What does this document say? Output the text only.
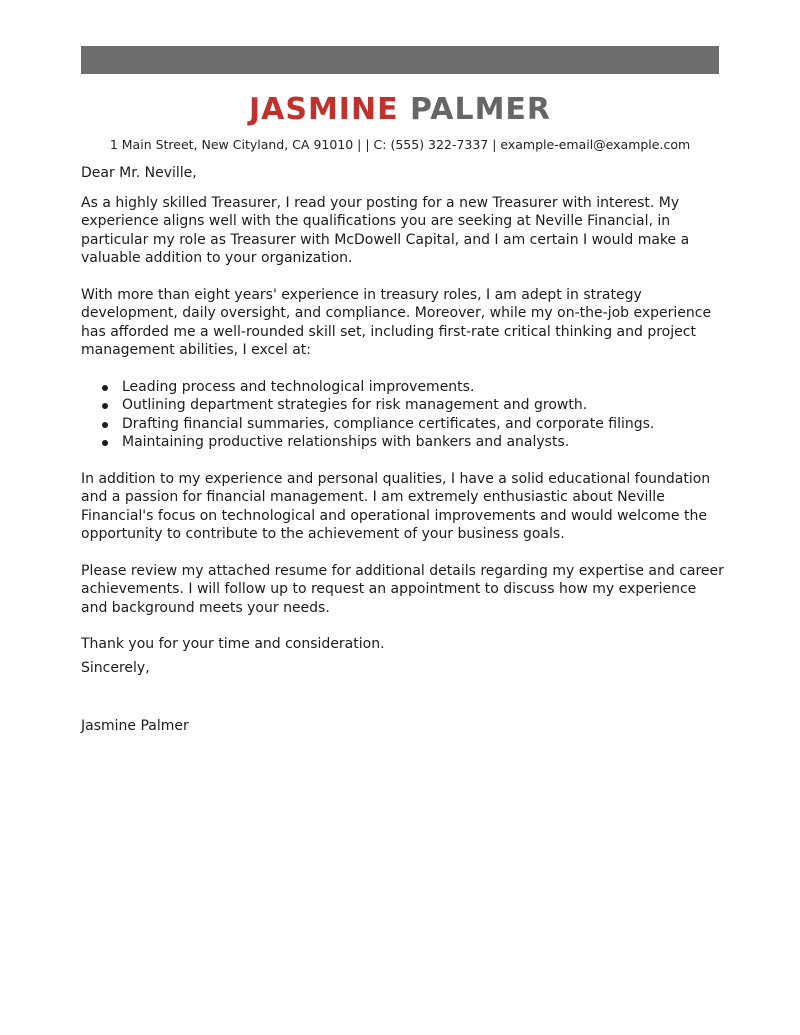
JASMINE PALMER
1 Main Street, New Cityland, CA 91010 | | C: (555) 322-7337 | example-email@example.com

Dear Mr. Neville,

As a highly skilled Treasurer, I read your posting for a new Treasurer with interest. My experience aligns well with the qualifications you are seeking at Neville Financial, in particular my role as Treasurer with McDowell Capital, and I am certain I would make a valuable addition to your organization.

With more than eight years' experience in treasury roles, I am adept in strategy development, daily oversight, and compliance. Moreover, while my on-the-job experience has afforded me a well-rounded skill set, including first-rate critical thinking and project management abilities, I excel at:

Leading process and technological improvements.
Outlining department strategies for risk management and growth.
Drafting financial summaries, compliance certificates, and corporate filings.
Maintaining productive relationships with bankers and analysts.

In addition to my experience and personal qualities, I have a solid educational foundation and a passion for financial management. I am extremely enthusiastic about Neville Financial's focus on technological and operational improvements and would welcome the opportunity to contribute to the achievement of your business goals.

Please review my attached resume for additional details regarding my expertise and career achievements. I will follow up to request an appointment to discuss how my experience and background meets your needs.

Thank you for your time and consideration.

Sincerely,

Jasmine Palmer
